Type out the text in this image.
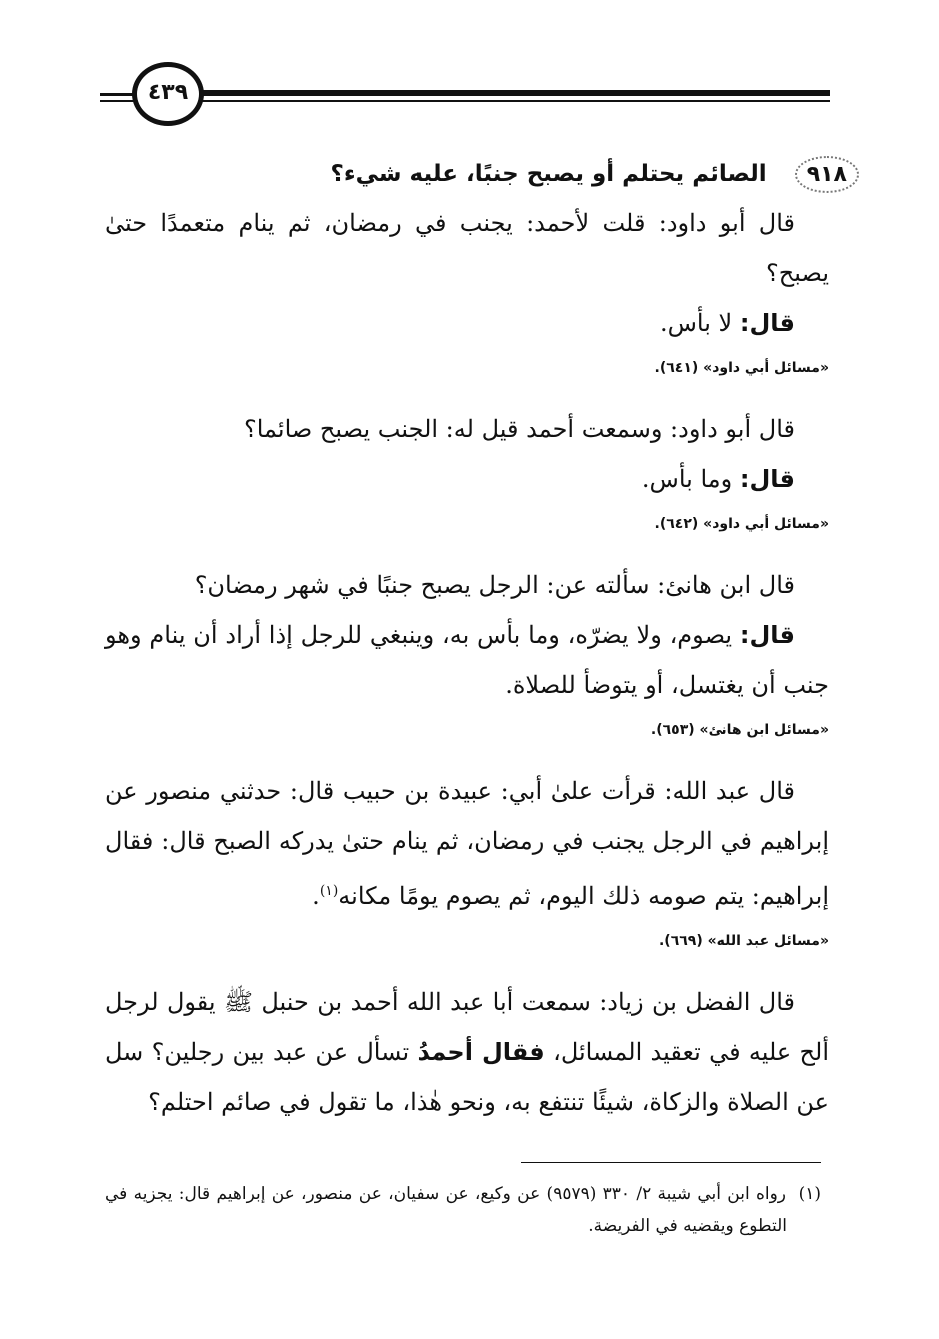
٤٣٩
٩١٨
الصائم يحتلم أو يصبح جنبًا، عليه شيء؟

قال أبو داود: قلت لأحمد: يجنب في رمضان، ثم ينام متعمدًا حتىٰ يصبح؟

قال: لا بأس.

«مسائل أبي داود» (٦٤١).

قال أبو داود: وسمعت أحمد قيل له: الجنب يصبح صائما؟

قال: وما بأس.

«مسائل أبي داود» (٦٤٢).

قال ابن هانئ: سألته عن: الرجل يصبح جنبًا في شهر رمضان؟

قال: يصوم، ولا يضرّه، وما بأس به، وينبغي للرجل إذا أراد أن ينام وهو جنب أن يغتسل، أو يتوضأ للصلاة.

«مسائل ابن هانئ» (٦٥٣).

قال عبد الله: قرأت علىٰ أبي: عبيدة بن حبيب قال: حدثني منصور عن إبراهيم في الرجل يجنب في رمضان، ثم ينام حتىٰ يدركه الصبح قال: فقال إبراهيم: يتم صومه ذلك اليوم، ثم يصوم يومًا مكانه$^{(١)}$.

«مسائل عبد الله» (٦٦٩).

قال الفضل بن زياد: سمعت أبا عبد الله أحمد بن حنبل ﷺ يقول لرجل ألح عليه في تعقيد المسائل، فقال أحمدُ تسأل عن عبد بين رجلين؟ سل عن الصلاة والزكاة، شيئًا تنتفع به، ونحو هٰذا، ما تقول في صائم احتلم؟

(١)  رواه ابن أبي شيبة ٢/ ٣٣٠ (٩٥٧٩) عن وكيع، عن سفيان، عن منصور، عن إبراهيم قال: يجزيه في التطوع ويقضيه في الفريضة.
